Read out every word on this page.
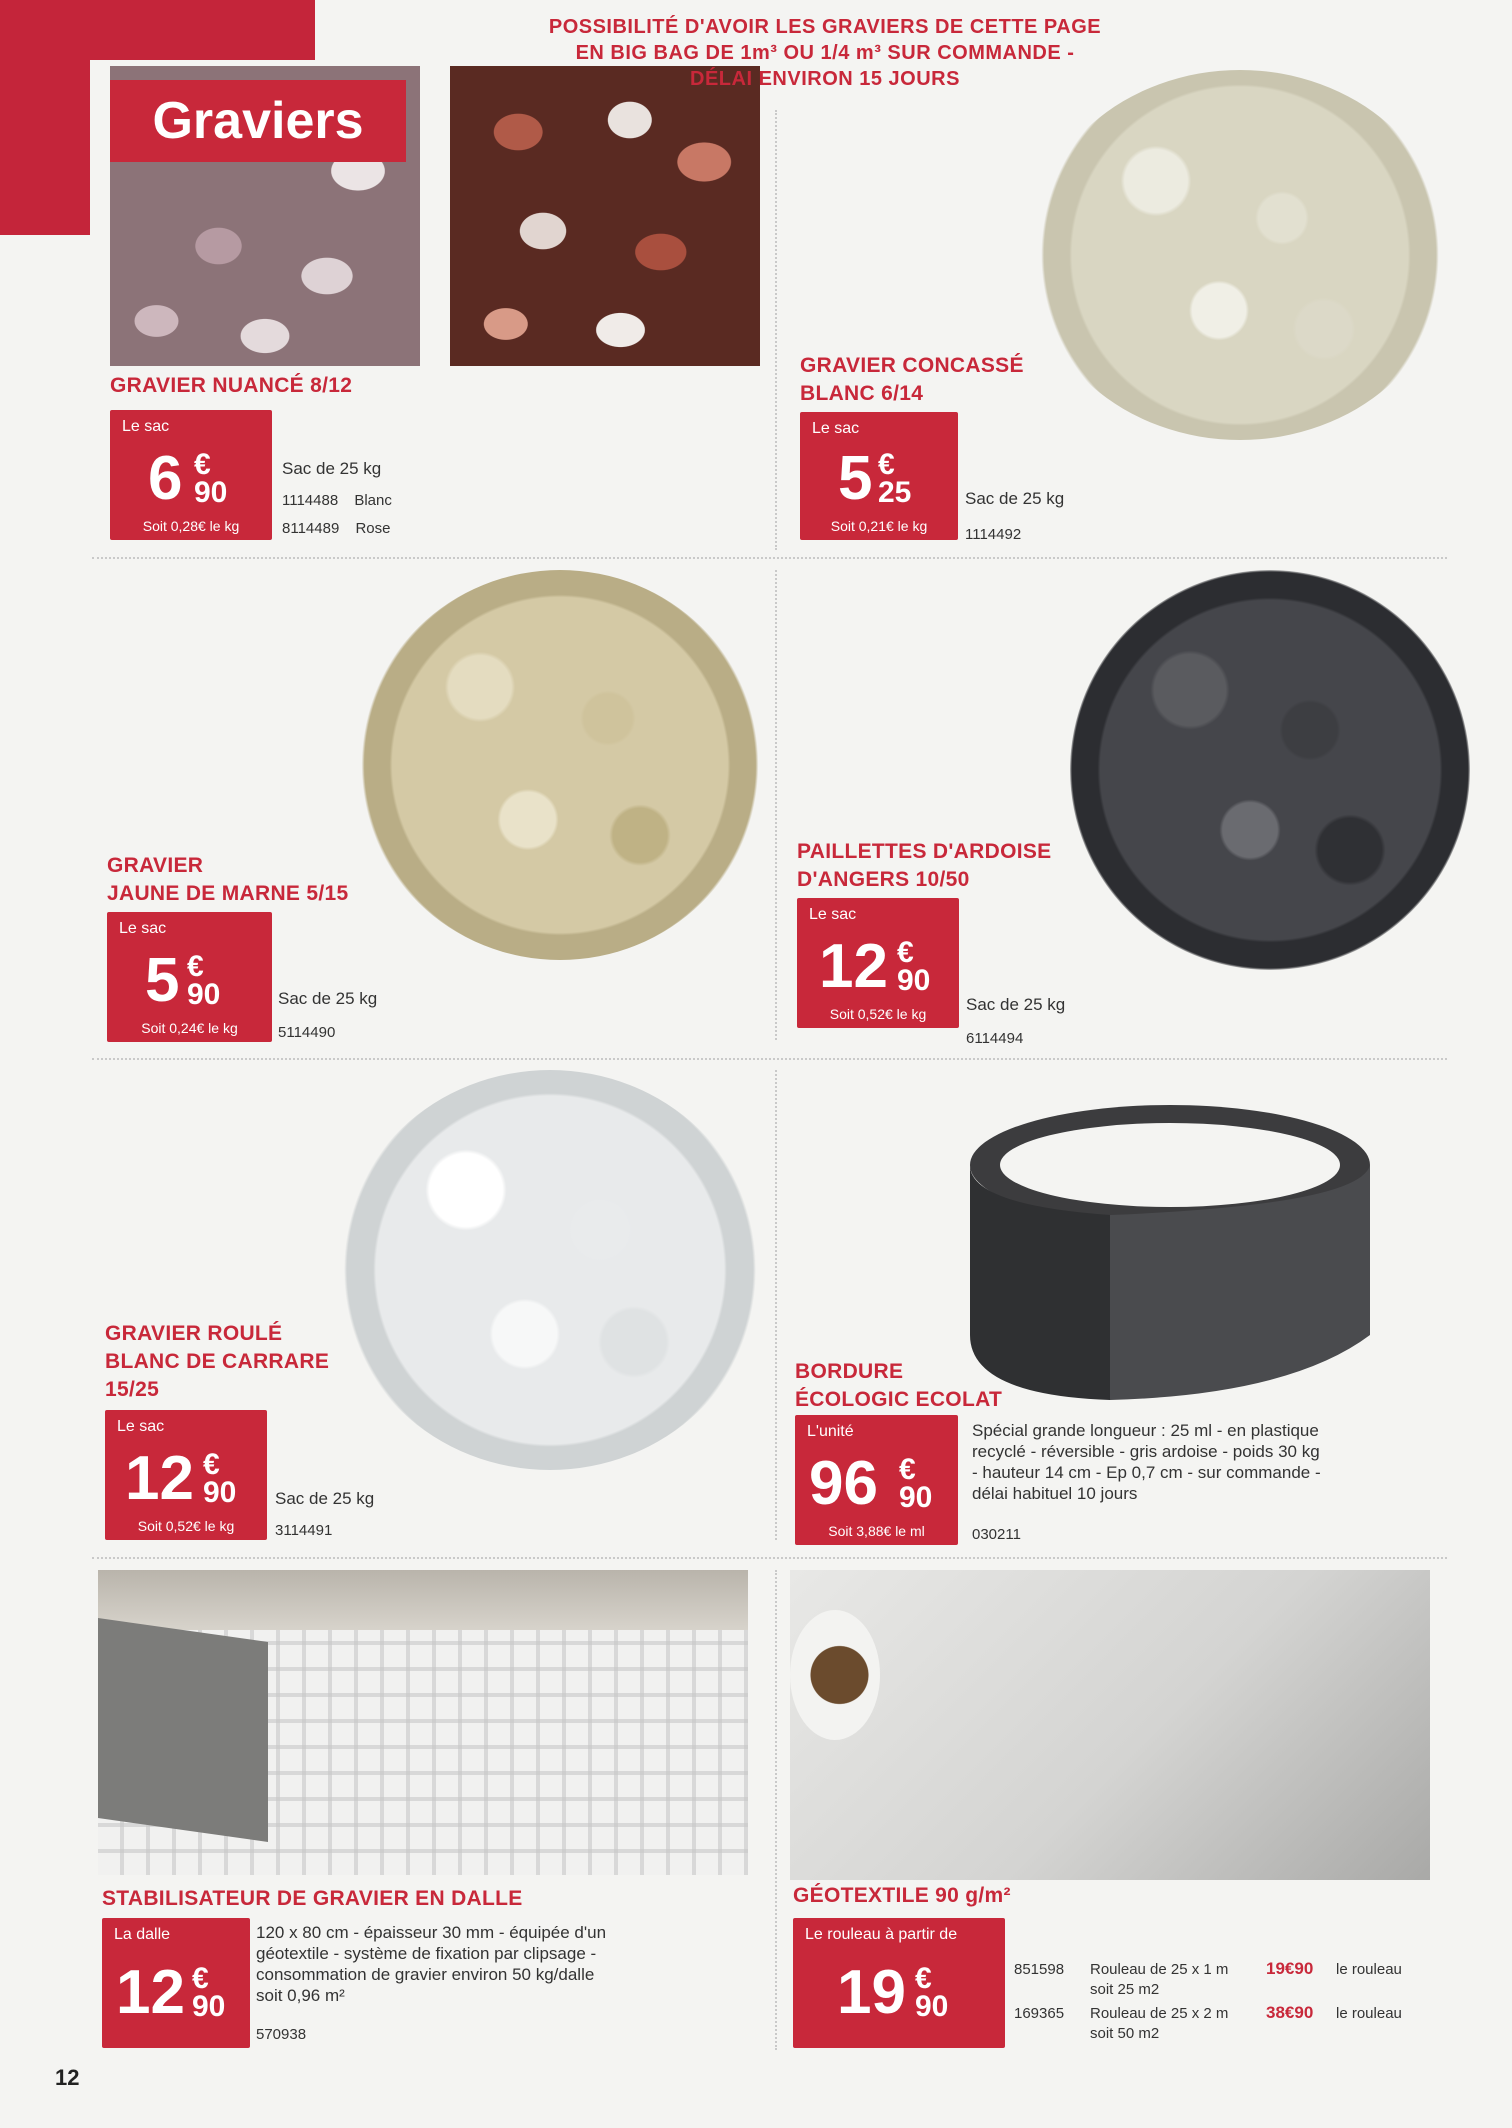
Graviers
POSSIBILITÉ D'AVOIR LES GRAVIERS DE CETTE PAGE
EN BIG BAG DE 1m³ OU 1/4 m³ SUR COMMANDE -
DÉLAI ENVIRON 15 JOURS
GRAVIER NUANCÉ 8/12
Le sac
6 €
90
Soit 0,28€ le kg
Sac de 25 kg
1114488 Blanc
8114489 Rose
GRAVIER CONCASSÉ
BLANC 6/14
Le sac
5 €
25
Soit 0,21€ le kg
Sac de 25 kg
1114492
GRAVIER
JAUNE DE MARNE 5/15
Le sac
5 €
90
Soit 0,24€ le kg
Sac de 25 kg
5114490
PAILLETTES D'ARDOISE
D'ANGERS 10/50
Le sac
12 €
90
Soit 0,52€ le kg	Sac de 25 kg
6114494
GRAVIER ROULÉ
BLANC DE CARRARE
15/25
Le sac
12 €
90
Soit 0,52€ le kg
Sac de 25 kg
3114491
BORDURE
ÉCOLOGIC ECOLAT
L'unité
96 €
90
Soit 3,88€ le ml
Spécial grande longueur : 25 ml - en plastique
recyclé - réversible - gris ardoise - poids 30 kg
- hauteur 14 cm - Ep 0,7 cm - sur commande -
délai habituel 10 jours
030211
STABILISATEUR DE GRAVIER EN DALLE
La dalle
12 €
90
120 x 80 cm - épaisseur 30 mm - équipée d'un
géotextile - système de fixation par clipsage -
consommation de gravier environ 50 kg/dalle
soit 0,96 m²
570938
GÉOTEXTILE 90 g/m²
Le rouleau à partir de
19 €
90
851598 Rouleau de 25 x 1 m 19€90 le rouleau
soit 25 m2
169365 Rouleau de 25 x 2 m 38€90 le rouleau
soit 50 m2
12
